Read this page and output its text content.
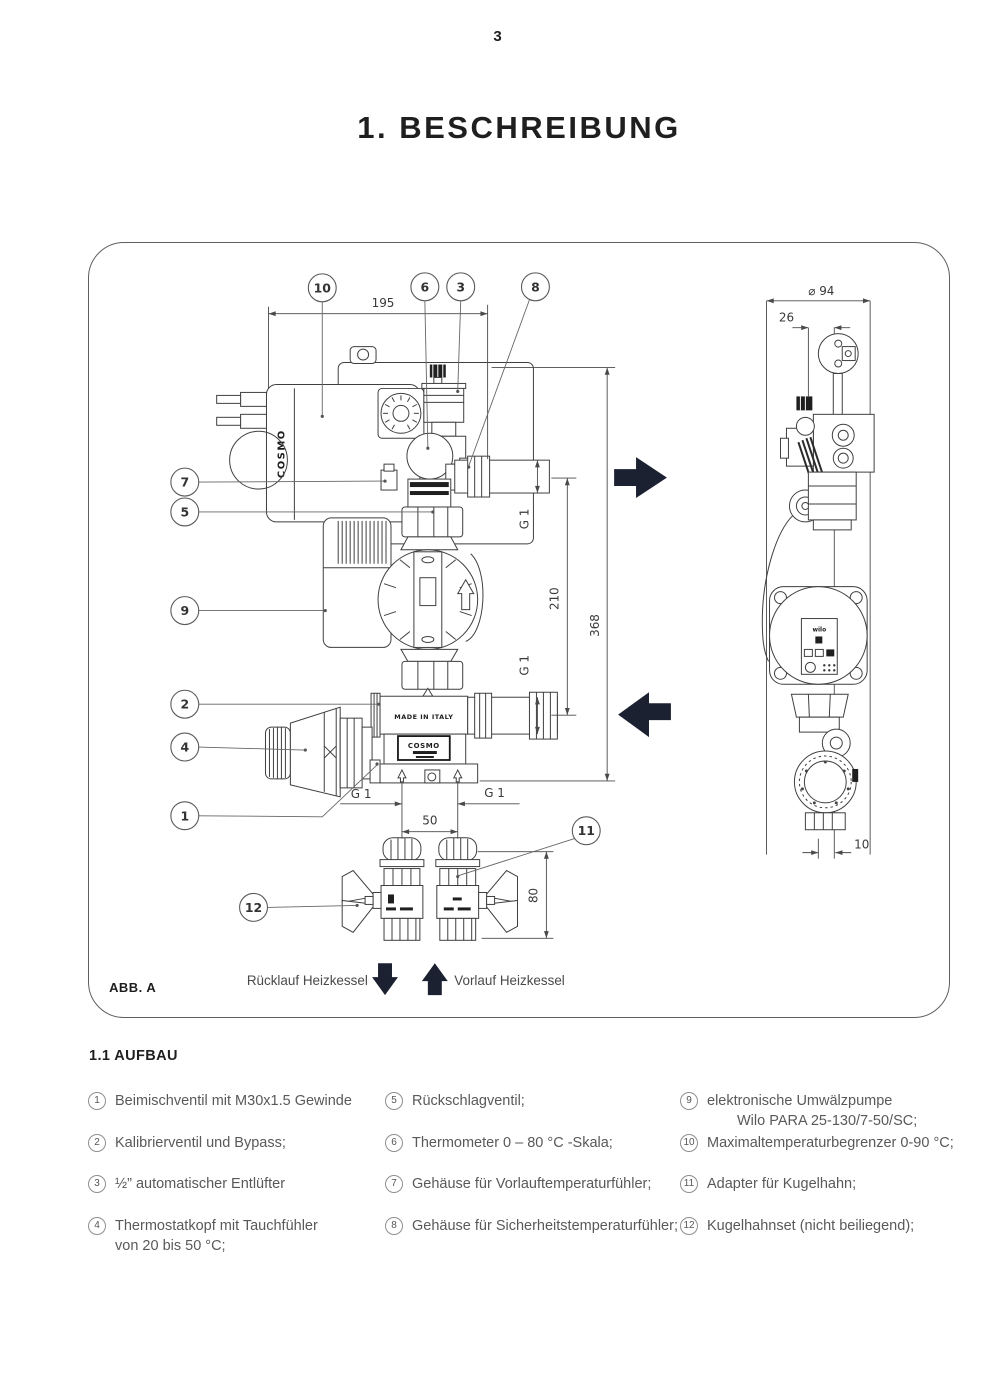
3
1. BESCHREIBUNG
COSMO
MADE IN ITALY
COSMO
wilo
195
368
210
G 1
G 1
G 1	G 1
50
80
⌀ 94
26
10
Rücklauf Heizkessel	Vorlauf Heizkessel
ABB. A
10	6 3	8
7
5
9
2
4
1
11
12
1.1 AUFBAU
1	Beimischventil mit M30x1.5 Gewinde
2	Kalibrierventil und Bypass;
3	½” automatischer Entlüfter
4	Thermostatkopf mit Tauchfühler
von 20 bis 50 °C;
5	Rückschlagventil;
6	Thermometer 0 – 80 °C -Skala;
7	Gehäuse für Vorlauftemperaturfühler;
8	Gehäuse für Sicherheitstemperaturfühler;
9	elektronische Umwälzpumpe
Wilo PARA 25-130/7-50/SC;
10 Maximaltemperaturbegrenzer 0-90 °C;
11 Adapter für Kugelhahn;
12 Kugelhahnset (nicht beiliegend);
